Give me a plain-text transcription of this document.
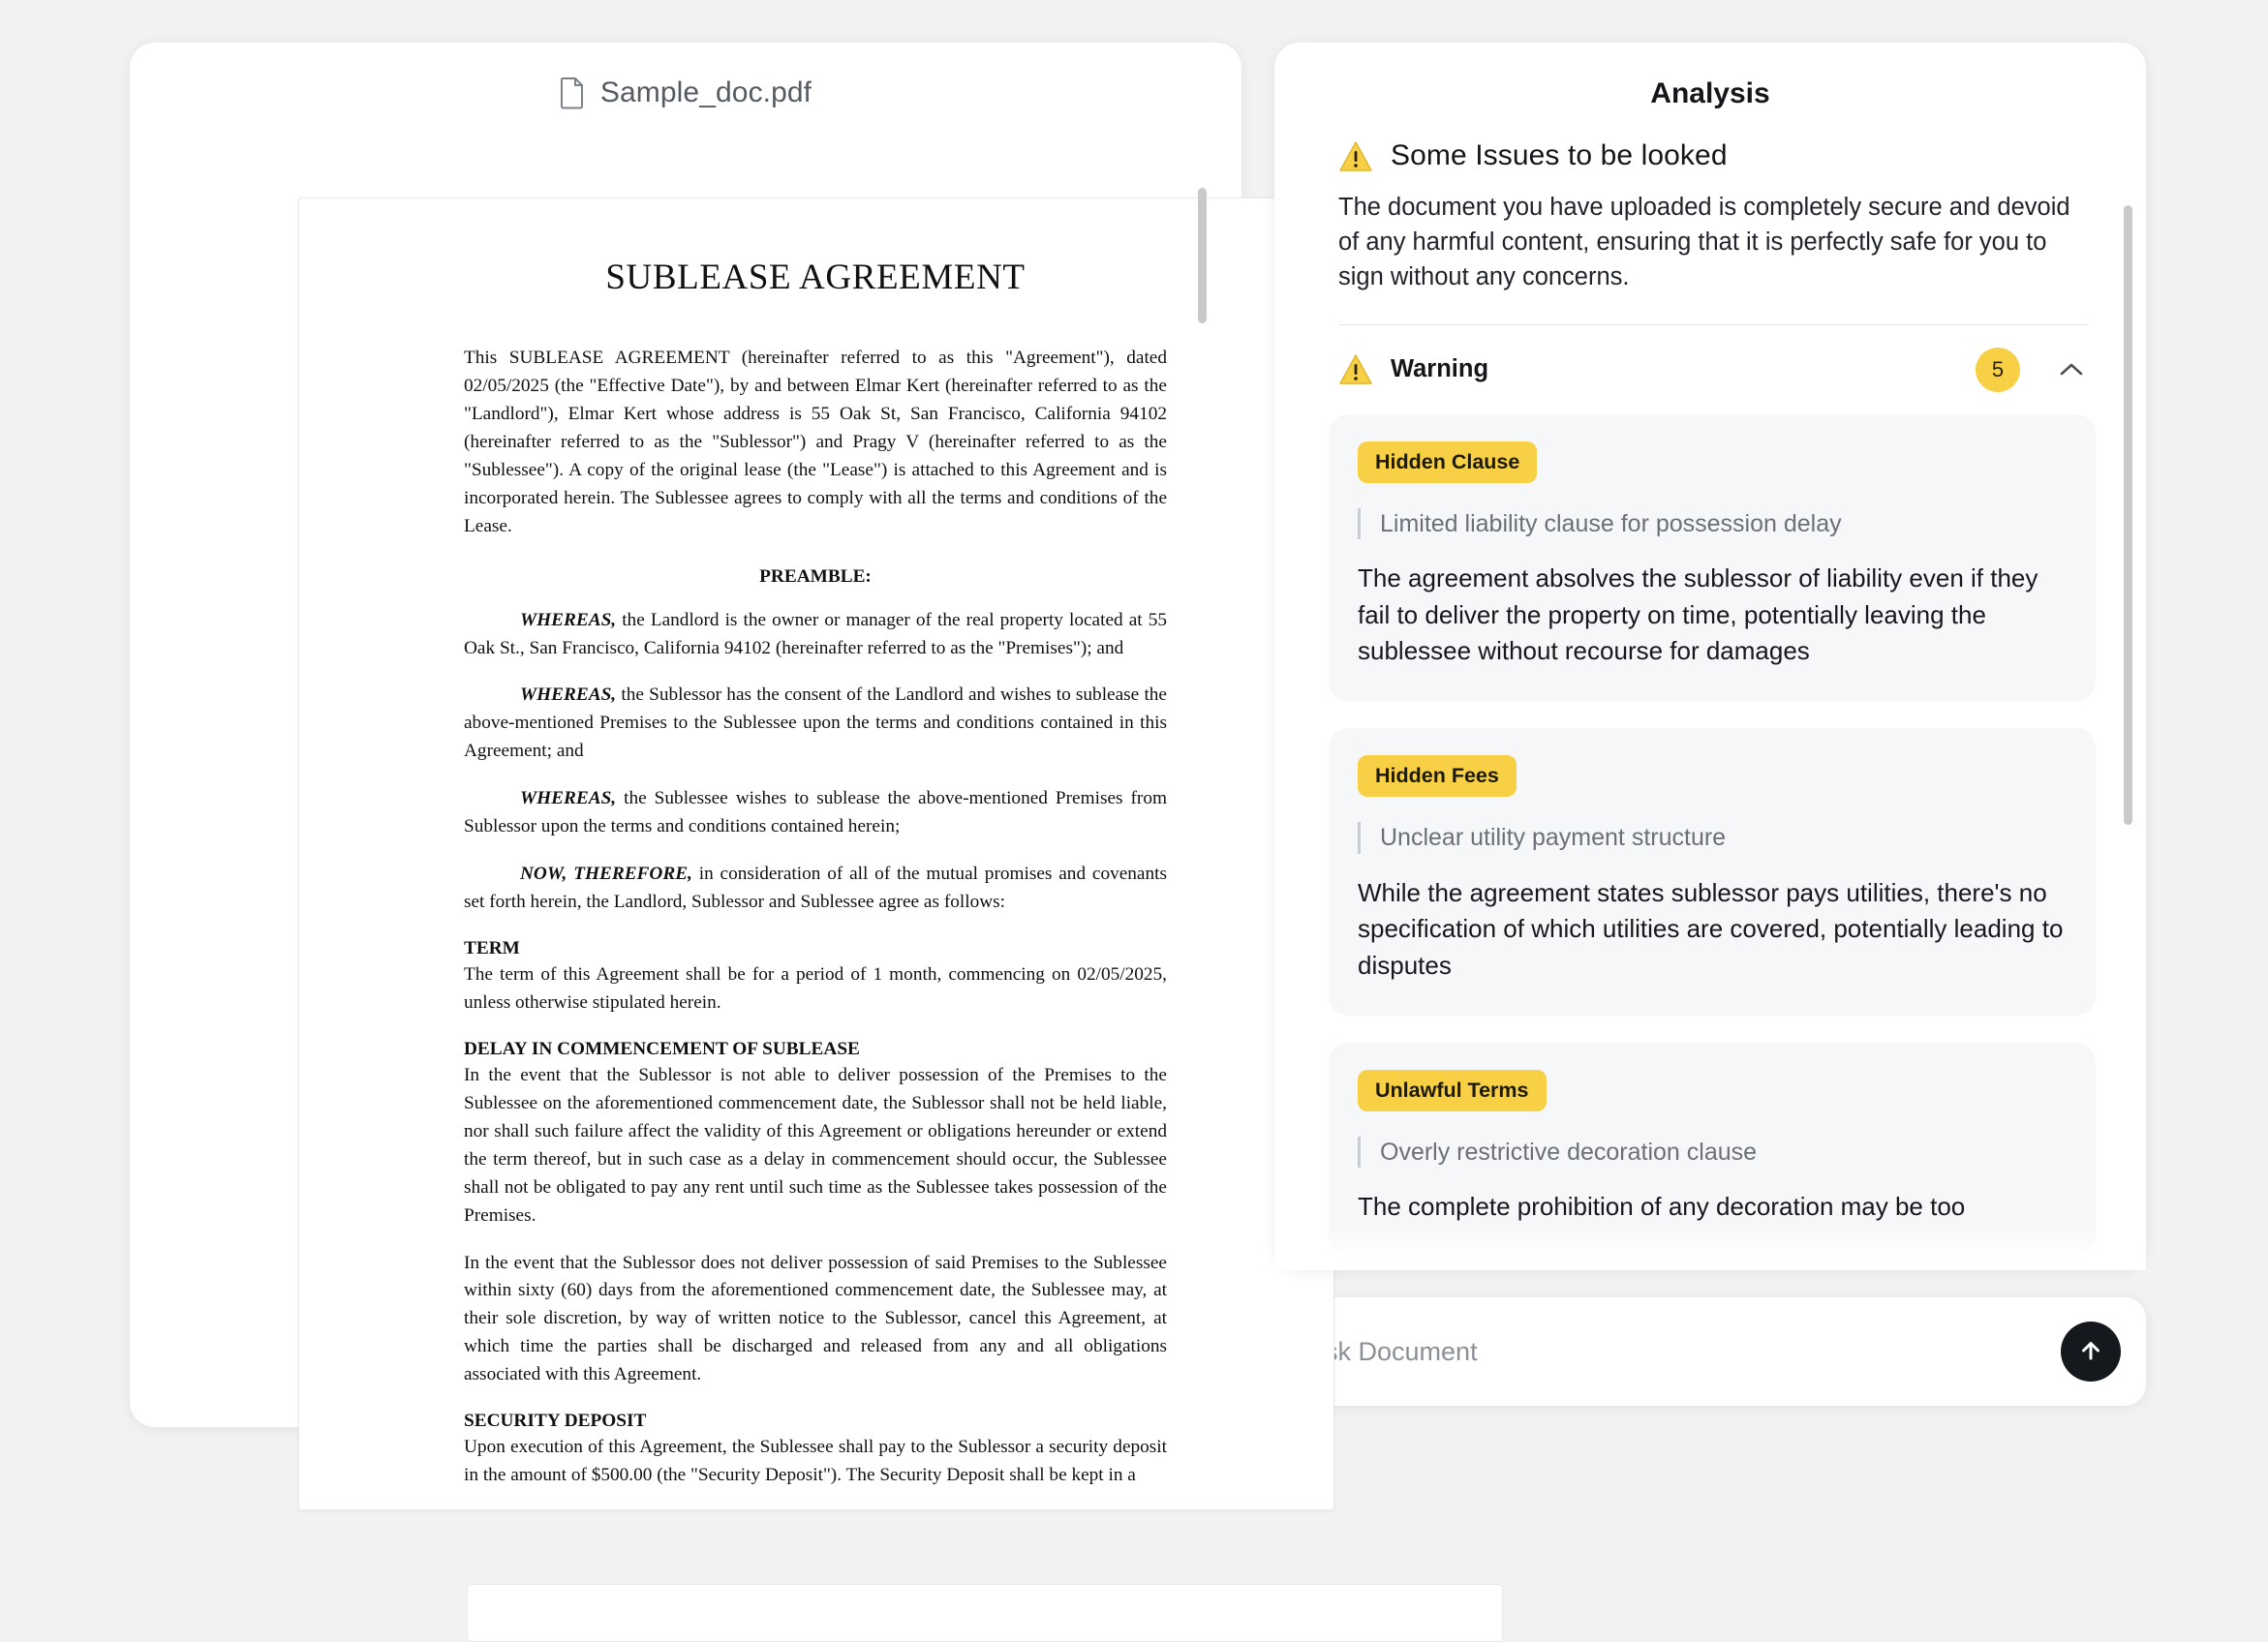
Sample_doc.pdf
SUBLEASE AGREEMENT

This SUBLEASE AGREEMENT (hereinafter referred to as this "Agreement"), dated 02/05/2025 (the "Effective Date"), by and between Elmar Kert (hereinafter referred to as the "Landlord"), Elmar Kert whose address is 55 Oak St, San Francisco, California 94102 (hereinafter referred to as the "Sublessor") and Pragy V (hereinafter referred to as the "Sublessee"). A copy of the original lease (the "Lease") is attached to this Agreement and is incorporated herein. The Sublessee agrees to comply with all the terms and conditions of the Lease.

PREAMBLE:

WHEREAS, the Landlord is the owner or manager of the real property located at 55 Oak St., San Francisco, California 94102 (hereinafter referred to as the "Premises"); and

WHEREAS, the Sublessor has the consent of the Landlord and wishes to sublease the above-mentioned Premises to the Sublessee upon the terms and conditions contained in this Agreement; and

WHEREAS, the Sublessee wishes to sublease the above-mentioned Premises from Sublessor upon the terms and conditions contained herein;

NOW, THEREFORE, in consideration of all of the mutual promises and covenants set forth herein, the Landlord, Sublessor and Sublessee agree as follows:

TERM

The term of this Agreement shall be for a period of 1 month, commencing on 02/05/2025, unless otherwise stipulated herein.

DELAY IN COMMENCEMENT OF SUBLEASE

In the event that the Sublessor is not able to deliver possession of the Premises to the Sublessee on the aforementioned commencement date, the Sublessor shall not be held liable, nor shall such failure affect the validity of this Agreement or obligations hereunder or extend the term thereof, but in such case as a delay in commencement should occur, the Sublessee shall not be obligated to pay any rent until such time as the Sublessee takes possession of the Premises.

In the event that the Sublessor does not deliver possession of said Premises to the Sublessee within sixty (60) days from the aforementioned commencement date, the Sublessee may, at their sole discretion, by way of written notice to the Sublessor, cancel this Agreement, at which time the parties shall be discharged and released from any and all obligations associated with this Agreement.

SECURITY DEPOSIT

Upon execution of this Agreement, the Sublessee shall pay to the Sublessor a security deposit in the amount of $500.00 (the "Security Deposit"). The Security Deposit shall be kept in a

Analysis
Some Issues to be looked

The document you have uploaded is completely secure and devoid of any harmful content, ensuring that it is perfectly safe for you to sign without any concerns.

Warning	5
Hidden Clause
Limited liability clause for possession delay
The agreement absolves the sublessor of liability even if they fail to deliver the property on time, potentially leaving the sublessee without recourse for damages
Hidden Fees
Unclear utility payment structure
While the agreement states sublessor pays utilities, there's no specification of which utilities are covered, potentially leading to disputes
Unlawful Terms
Overly restrictive decoration clause
The complete prohibition of any decoration may be too
Ask Document
